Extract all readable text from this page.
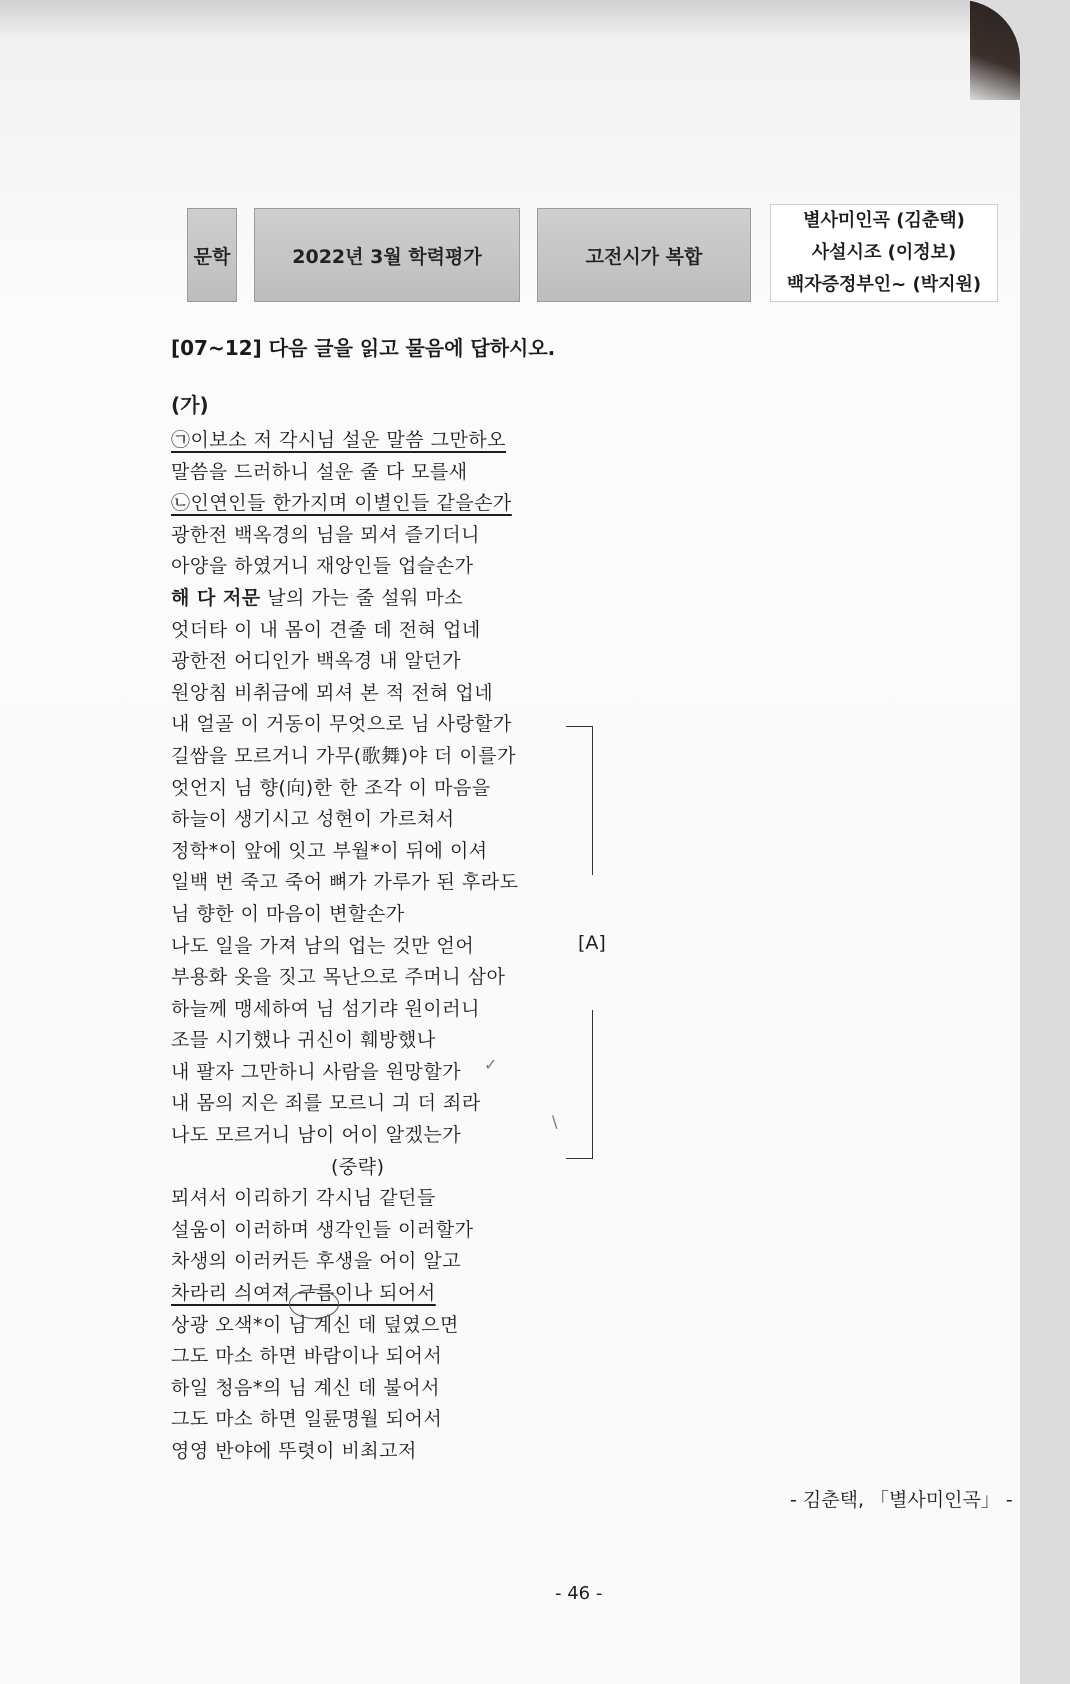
문학	2022년 3월 학력평가	고전시가 복합
별사미인곡 (김춘택)
사설시조 (이정보)
백자증정부인~ (박지원)
[07~12] 다음 글을 읽고 물음에 답하시오.
(가)
㉠이보소 저 각시님 설운 말씀 그만하오
말씀을 드러하니 설운 줄 다 모를새
㉡인연인들 한가지며 이별인들 같을손가
광한전 백옥경의 님을 뫼셔 즐기더니
아양을 하였거니 재앙인들 업슬손가
해 다 저문 날의 가는 줄 설워 마소
엇더타 이 내 몸이 견줄 데 전혀 업네
광한전 어디인가 백옥경 내 알던가
원앙침 비취금에 뫼셔 본 적 전혀 업네
내 얼골 이 거동이 무엇으로 님 사랑할가
길쌈을 모르거니 가무(歌舞)야 더 이를가
엇언지 님 향(向)한 한 조각 이 마음을
하늘이 생기시고 성현이 가르쳐서
정학*이 앞에 잇고 부월*이 뒤에 이셔
일백 번 죽고 죽어 뼈가 가루가 된 후라도
님 향한 이 마음이 변할손가
나도 일을 가져 남의 업는 것만 얻어
부용화 옷을 짓고 목난으로 주머니 삼아
하늘께 맹세하여 님 섬기랴 원이러니
조믈 시기했나 귀신이 훼방했나
내 팔자 그만하니 사람을 원망할가
내 몸의 지은 죄를 모르니 긔 더 죄라
나도 모르거니 남이 어이 알겠는가
(중략)
뫼셔서 이리하기 각시님 같던들
설움이 이러하며 생각인들 이러할가
차생의 이러커든 후생을 어이 알고
차라리 싀여져 구름이나 되어서
상광 오색*이 님 계신 데 덮였으면
그도 마소 하면 바람이나 되어서
하일 청음*의 님 계신 데 불어서
그도 마소 하면 일륜명월 되어서
영영 반야에 뚜렷이 비최고저
[A]
✓
\
- 김춘택, 「별사미인곡」 -
- 46 -
